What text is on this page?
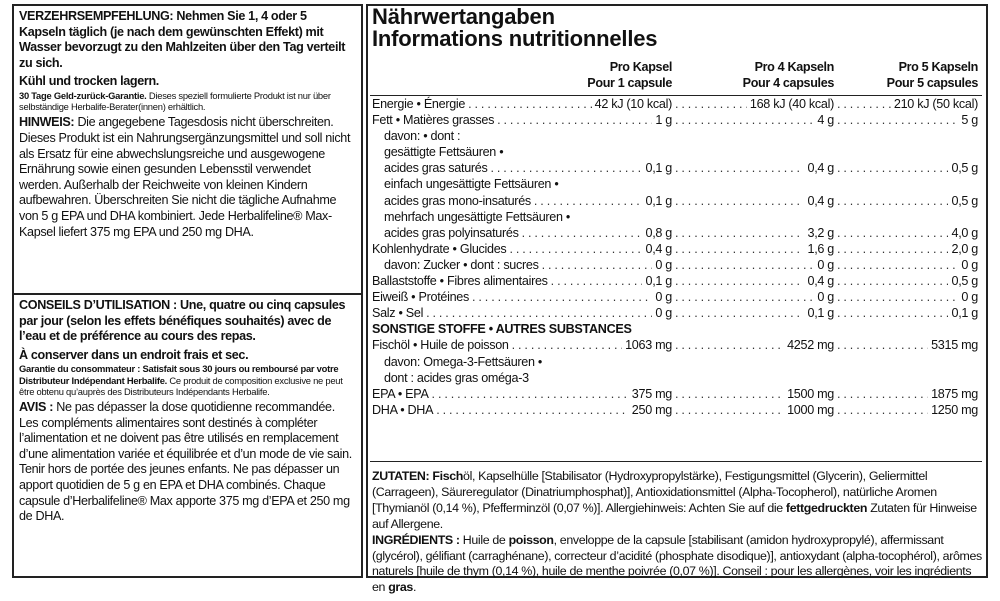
VERZEHRSEMPFEHLUNG: Nehmen Sie 1, 4 oder 5 Kapseln täglich (je nach dem gewünschten Effekt) mit Wasser bevorzugt zu den Mahlzeiten über den Tag verteilt zu sich.

Kühl und trocken lagern.

30 Tage Geld-zurück-Garantie. Dieses speziell formulierte Produkt ist nur über selbständige Herbalife-Berater(innen) erhältlich.

HINWEIS: Die angegebene Tagesdosis nicht überschreiten. Dieses Produkt ist ein Nahrungsergänzungsmittel und soll nicht als Ersatz für eine abwechslungsreiche und ausgewogene Ernährung sowie einen gesunden Lebensstil verwendet werden. Außerhalb der Reichweite von kleinen Kindern aufbewahren. Überschreiten Sie nicht die tägliche Aufnahme von 5 g EPA und DHA kombiniert. Jede Herbalifeline® Max-Kapsel liefert 375 mg EPA und 250 mg DHA.

CONSEILS D’UTILISATION : Une, quatre ou cinq capsules par jour (selon les effets bénéfiques souhaités) avec de l’eau et de préférence au cours des repas.

À conserver dans un endroit frais et sec.

Garantie du consommateur : Satisfait sous 30 jours ou remboursé par votre Distributeur Indépendant Herbalife. Ce produit de composition exclusive ne peut être obtenu qu’auprès des Distributeurs Indépendants Herbalife.

AVIS : Ne pas dépasser la dose quotidienne recommandée. Les compléments alimentaires sont destinés à compléter l’alimentation et ne doivent pas être utilisés en remplacement d’une alimentation variée et équilibrée et d’un mode de vie sain. Tenir hors de portée des jeunes enfants. Ne pas dépasser un apport quotidien de 5 g en EPA et DHA combinés. Chaque capsule d’Herbalifeline® Max apporte 375 mg d’EPA et 250 mg de DHA.

Nährwertangaben
Informations nutritionnelles
Pro Kapsel
Pour 1 capsule
Pro 4 Kapseln
Pour 4 capsules
Pro 5 Kapseln
Pour 5 capsules
Energie • Énergie	42 kJ (10 kcal)	168 kJ (40 kcal)	210 kJ (50 kcal)
. . .
. . .
. . .
Fett • Matières grasses	1 g	4 g	5 g
. . .
. . .
. . .
davon: • dont :
gesättigte Fettsäuren •
acides gras saturés	0,1 g	0,4 g	0,5 g
. . .
. . .
. . .
einfach ungesättigte Fettsäuren •
acides gras mono-insaturés	0,1 g	0,4 g	0,5 g
. . .
. . .
. . .
mehrfach ungesättigte Fettsäuren •
acides gras polyinsaturés	0,8 g	3,2 g	4,0 g
. . .
. . .
. . .
Kohlenhydrate • Glucides	0,4 g	1,6 g	2,0 g
. . .
. . .
. . .
davon: Zucker • dont : sucres	0 g	0 g	0 g
. . .
. . .
. . .
Ballaststoffe • Fibres alimentaires	0,1 g	0,4 g	0,5 g
. . .
. . .
. . .
Eiweiß • Protéines	0 g	0 g	0 g
. . .
. . .
. . .
Salz • Sel	0 g	0,1 g	0,1 g
. . .
. . .
. . .
SONSTIGE STOFFE • AUTRES SUBSTANCES
Fischöl • Huile de poisson	1063 mg	4252 mg	5315 mg
. . .
. . .
. . .
davon: Omega-3-Fettsäuren •
dont : acides gras oméga-3
EPA • EPA	375 mg	1500 mg	1875 mg
. . .
. . .
. . .
DHA • DHA	250 mg	1000 mg	1250 mg
. . .
. . .
. . .

ZUTATEN: Fischöl, Kapselhülle [Stabilisator (Hydroxypropylstärke), Festigungsmittel (Glycerin), Geliermittel (Carrageen), Säureregulator (Dinatriumphosphat)], Antioxidationsmittel (Alpha-Tocopherol), natürliche Aromen [Thymianöl (0,14 %), Pfefferminzöl (0,07 %)]. Allergiehinweis: Achten Sie auf die fettgedruckten Zutaten für Hinweise auf Allergene.

INGRÉDIENTS : Huile de poisson, enveloppe de la capsule [stabilisant (amidon hydroxypropylé), affermissant (glycérol), gélifiant (carraghénane), correcteur d’acidité (phosphate disodique)], antioxydant (alpha-tocophérol), arômes naturels [huile de thym (0,14 %), huile de menthe poivrée (0,07 %)]. Conseil : pour les allergènes, voir les ingrédients en gras.
